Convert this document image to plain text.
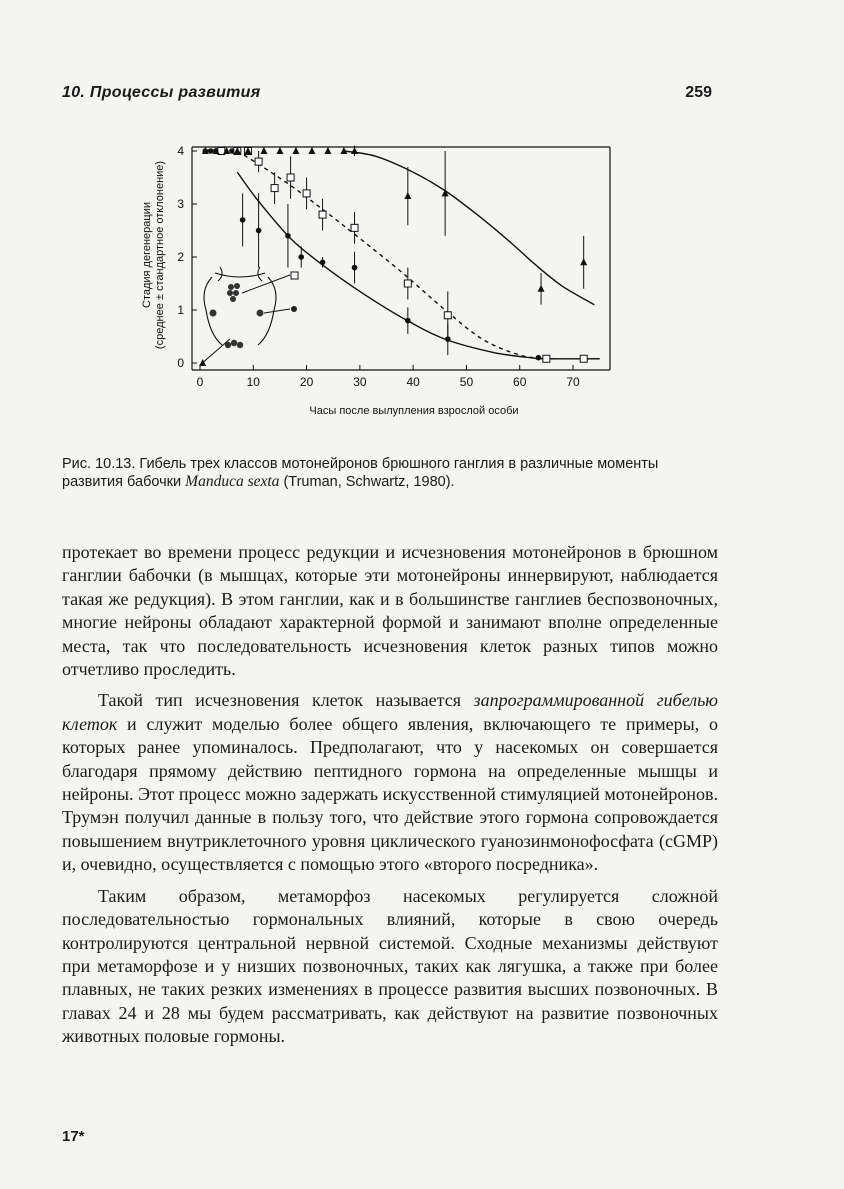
10. Процессы развития	259
0	10	20	30	40	50	60	70
0
1
2
3
4
Часы после вылупления взрослой особи
Стадия дегенерации (среднее ± стандартное отклонение)
Рис. 10.13. Гибель трех классов мотонейронов брюшного ганглия в различные моменты развития бабочки Manduca sexta (Truman, Schwartz, 1980).

протекает во времени процесс редукции и исчезновения мотонейронов в брюшном ганглии бабочки (в мышцах, которые эти мотонейроны иннервируют, наблюдается такая же редукция). В этом ганглии, как и в большинстве ганглиев беспозвоночных, многие нейроны обладают характерной формой и занимают вполне определенные места, так что последовательность исчезновения клеток разных типов можно отчетливо проследить.

Такой тип исчезновения клеток называется запрограммированной гибелью клеток и служит моделью более общего явления, включающего те примеры, о которых ранее упоминалось. Предполагают, что у насекомых он совершается благодаря прямому действию пептидного гормона на определенные мышцы и нейроны. Этот процесс можно задержать искусственной стимуляцией мотонейронов. Трумэн получил данные в пользу того, что действие этого гормона сопровождается повышением внутриклеточного уровня циклического гуанозинмонофосфата (cGMP) и, очевидно, осуществляется с помощью этого «второго посредника».

Таким образом, метаморфоз насекомых регулируется сложной последовательностью гормональных влияний, которые в свою очередь контролируются центральной нервной системой. Сходные механизмы действуют при метаморфозе и у низших позвоночных, таких как лягушка, а также при более плавных, не таких резких изменениях в процессе развития высших позвоночных. В главах 24 и 28 мы будем рассматривать, как действуют на развитие позвоночных животных половые гормоны.

17*
